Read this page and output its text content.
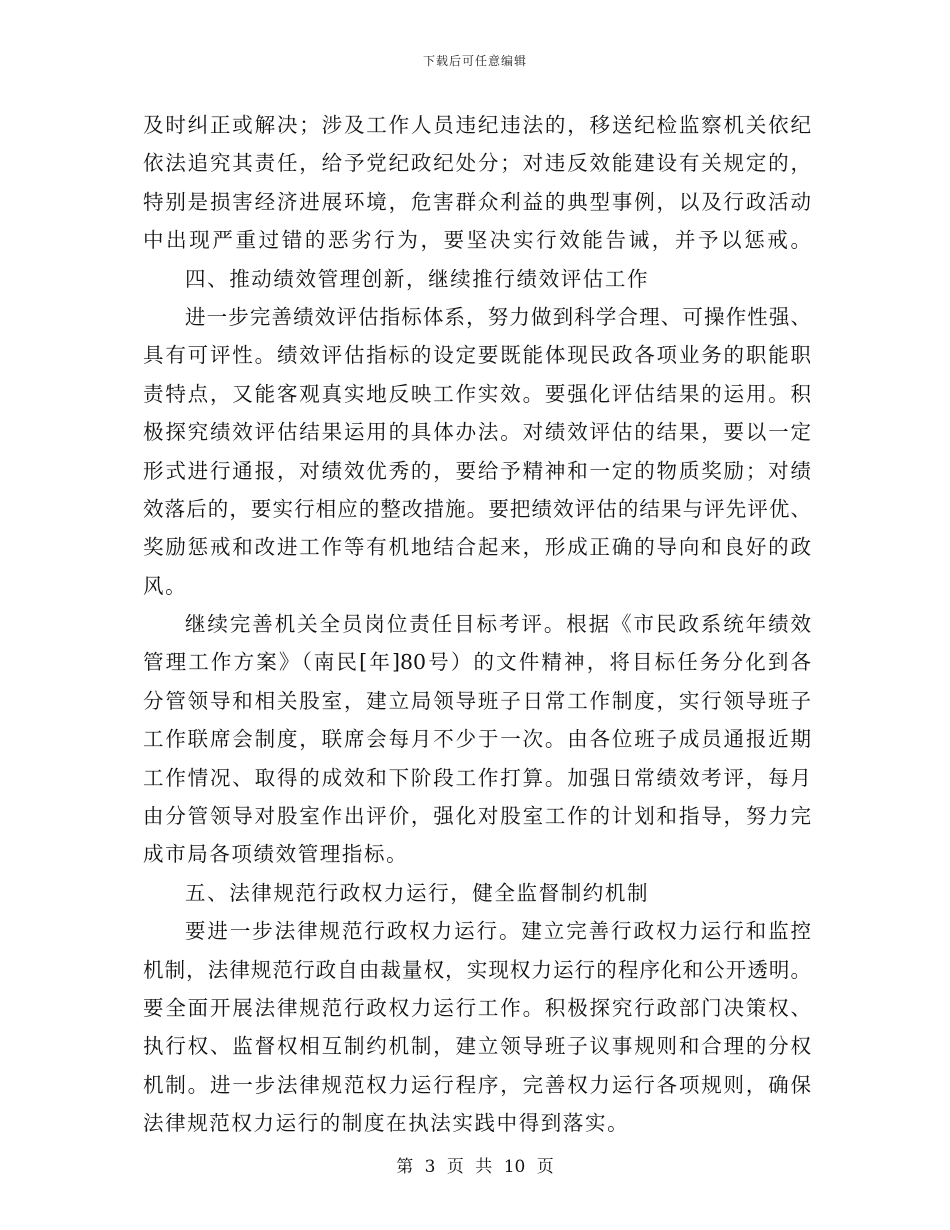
下载后可任意编辑
及时纠正或解决；涉及工作人员违纪违法的，移送纪检监察机关依纪
依法追究其责任，给予党纪政纪处分；对违反效能建设有关规定的，
特别是损害经济进展环境，危害群众利益的典型事例，以及行政活动
中出现严重过错的恶劣行为，要坚决实行效能告诫，并予以惩戒。
四、推动绩效管理创新，继续推行绩效评估工作
进一步完善绩效评估指标体系，努力做到科学合理、可操作性强、
具有可评性。绩效评估指标的设定要既能体现民政各项业务的职能职
责特点，又能客观真实地反映工作实效。要强化评估结果的运用。积
极探究绩效评估结果运用的具体办法。对绩效评估的结果，要以一定
形式进行通报，对绩效优秀的，要给予精神和一定的物质奖励；对绩
效落后的，要实行相应的整改措施。要把绩效评估的结果与评先评优、
奖励惩戒和改进工作等有机地结合起来，形成正确的导向和良好的政
风。
继续完善机关全员岗位责任目标考评。根据《市民政系统年绩效
管理工作方案》（南民[年]80号）的文件精神，将目标任务分化到各
分管领导和相关股室，建立局领导班子日常工作制度，实行领导班子
工作联席会制度，联席会每月不少于一次。由各位班子成员通报近期
工作情况、取得的成效和下阶段工作打算。加强日常绩效考评，每月
由分管领导对股室作出评价，强化对股室工作的计划和指导，努力完
成市局各项绩效管理指标。
五、法律规范行政权力运行，健全监督制约机制
要进一步法律规范行政权力运行。建立完善行政权力运行和监控
机制，法律规范行政自由裁量权，实现权力运行的程序化和公开透明。
要全面开展法律规范行政权力运行工作。积极探究行政部门决策权、
执行权、监督权相互制约机制，建立领导班子议事规则和合理的分权
机制。进一步法律规范权力运行程序，完善权力运行各项规则，确保
法律规范权力运行的制度在执法实践中得到落实。
第 3 页 共 10 页
